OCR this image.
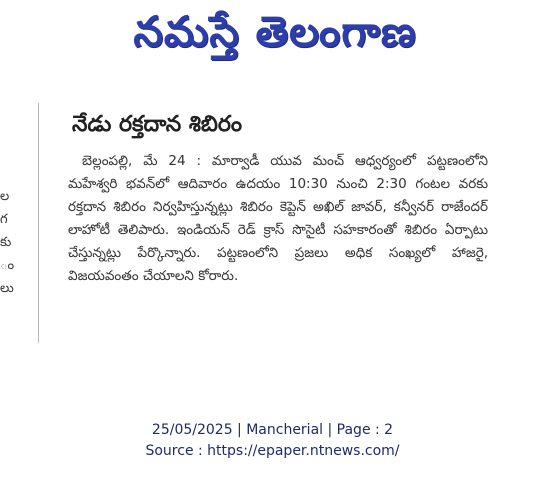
నమస్తే తెలంగాణ
ల
గ
కు
ం
లు
నేడు రక్తదాన శిబిరం

బెల్లంపల్లి, మే 24 : మార్వాడీ యువ మంచ్ ఆధ్వర్యంలో పట్టణంలోని మహేశ్వరి భవన్‌లో ఆదివారం ఉదయం 10:30 నుంచి 2:30 గంటల వరకు రక్తదాన శిబిరం నిర్వహిస్తున్నట్లు శిబిరం కెప్టెన్ అఖిల్ జావర్, కన్వీనర్ రాజేందర్ లాహోటీ తెలిపారు. ఇండియన్ రెడ్ క్రాస్ సొసైటీ సహకారంతో శిబిరం ఏర్పాటు చేస్తున్నట్లు పేర్కొన్నారు. పట్టణంలోని ప్రజలు అధిక సంఖ్యలో హాజరై, విజయవంతం చేయాలని కోరారు.

25/05/2025 | Mancherial | Page : 2
Source : https://epaper.ntnews.com/
